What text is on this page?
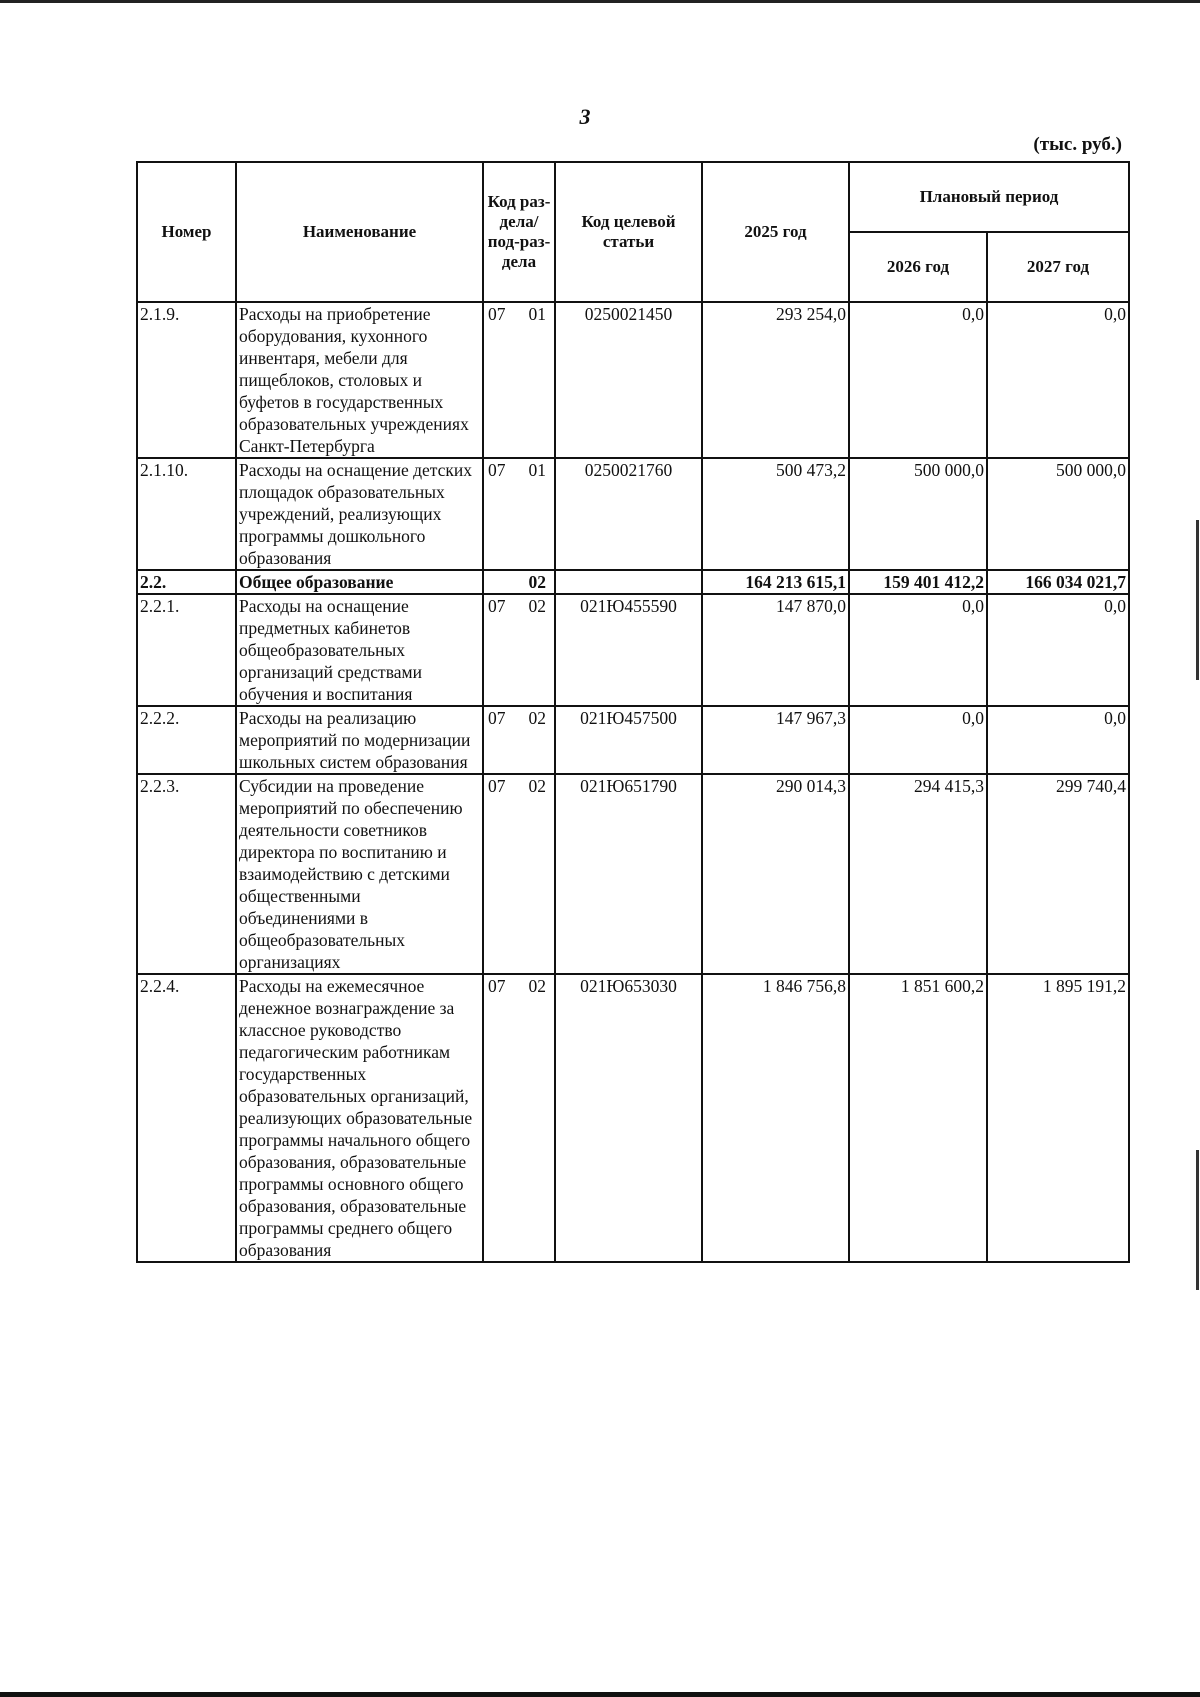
3
(тыс. руб.)
Номер	Наименование	Код раз-дела/ под-раз-дела	Код целевой статьи	2025 год	Плановый период	
					2026 год	2027 год
2.1.9.	Расходы на приобретение оборудования, кухонного инвентаря, мебели для пищеблоков, столовых и буфетов в государственных образовательных учреждениях Санкт-Петербурга	07 01	0250021450	293 254,0	0,0	0,0
2.1.10.	Расходы на оснащение детских площадок образовательных учреждений, реализующих программы дошкольного образования	07 01	0250021760	500 473,2	500 000,0	500 000,0
2.2.	Общее образование	02		164 213 615,1	159 401 412,2	166 034 021,7
2.2.1.	Расходы на оснащение предметных кабинетов общеобразовательных организаций средствами обучения и воспитания	07 02	021Ю455590	147 870,0	0,0	0,0
2.2.2.	Расходы на реализацию мероприятий по модернизации школьных систем образования	07 02	021Ю457500	147 967,3	0,0	0,0
2.2.3.	Субсидии на проведение мероприятий по обеспечению деятельности советников директора по воспитанию и взаимодействию с детскими общественными объединениями в общеобразовательных организациях	07 02	021Ю651790	290 014,3	294 415,3	299 740,4
2.2.4.	Расходы на ежемесячное денежное вознаграждение за классное руководство педагогическим работникам государственных образовательных организаций, реализующих образовательные программы начального общего образования, образовательные программы основного общего образования, образовательные программы среднего общего образования	07 02	021Ю653030	1 846 756,8	1 851 600,2	1 895 191,2
